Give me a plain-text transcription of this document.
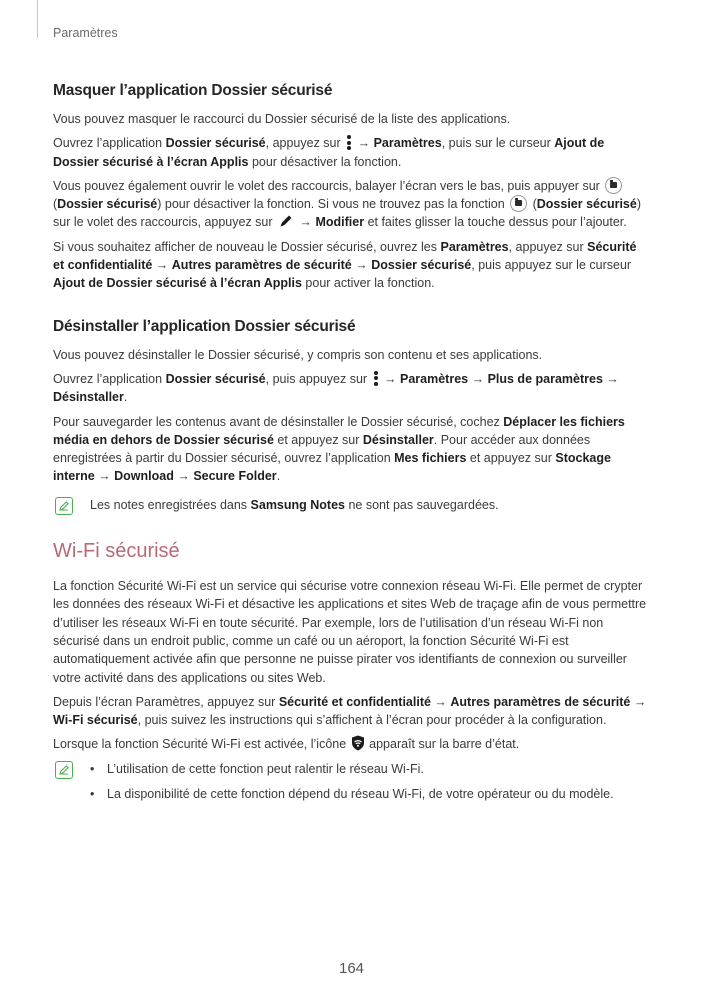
Paramètres
Masquer l’application Dossier sécurisé

Vous pouvez masquer le raccourci du Dossier sécurisé de la liste des applications.

Ouvrez l’application Dossier sécurisé, appuyez sur
→ Paramètres, puis sur le curseur Ajout de Dossier sécurisé à l’écran Applis pour désactiver la fonction.

Vous pouvez également ouvrir le volet des raccourcis, balayer l’écran vers le bas, puis appuyer sur

(Dossier sécurisé) pour désactiver la fonction. Si vous ne trouvez pas la fonction
(Dossier sécurisé) sur le volet des raccourcis, appuyez sur  → Modifier et faites glisser la touche dessus pour l’ajouter.

Si vous souhaitez afficher de nouveau le Dossier sécurisé, ouvrez les Paramètres, appuyez sur Sécurité et confidentialité → Autres paramètres de sécurité → Dossier sécurisé, puis appuyez sur le curseur Ajout de Dossier sécurisé à l’écran Applis pour activer la fonction.

Désinstaller l’application Dossier sécurisé

Vous pouvez désinstaller le Dossier sécurisé, y compris son contenu et ses applications.

Ouvrez l’application Dossier sécurisé, puis appuyez sur
→ Paramètres → Plus de paramètres → Désinstaller.

Pour sauvegarder les contenus avant de désinstaller le Dossier sécurisé, cochez Déplacer les fichiers média en dehors de Dossier sécurisé et appuyez sur Désinstaller. Pour accéder aux données enregistrées à partir du Dossier sécurisé, ouvrez l’application Mes fichiers et appuyez sur Stockage interne → Download → Secure Folder.

Les notes enregistrées dans Samsung Notes ne sont pas sauvegardées.

Wi-Fi sécurisé

La fonction Sécurité Wi-Fi est un service qui sécurise votre connexion réseau Wi-Fi. Elle permet de crypter les données des réseaux Wi-Fi et désactive les applications et sites Web de traçage afin de vous permettre d’utiliser les réseaux Wi-Fi en toute sécurité. Par exemple, lors de l’utilisation d’un réseau Wi-Fi non sécurisé dans un endroit public, comme un café ou un aéroport, la fonction Sécurité Wi-Fi est automatiquement activée afin que personne ne puisse pirater vos identifiants de connexion ou surveiller votre activité dans des applications ou sites Web.

Depuis l’écran Paramètres, appuyez sur Sécurité et confidentialité → Autres paramètres de sécurité → Wi-Fi sécurisé, puis suivez les instructions qui s’affichent à l’écran pour procéder à la configuration.

Lorsque la fonction Sécurité Wi-Fi est activée, l’icône  apparaît sur la barre d’état.

• L’utilisation de cette fonction peut ralentir le réseau Wi-Fi.
• La disponibilité de cette fonction dépend du réseau Wi-Fi, de votre opérateur ou du modèle.
164
